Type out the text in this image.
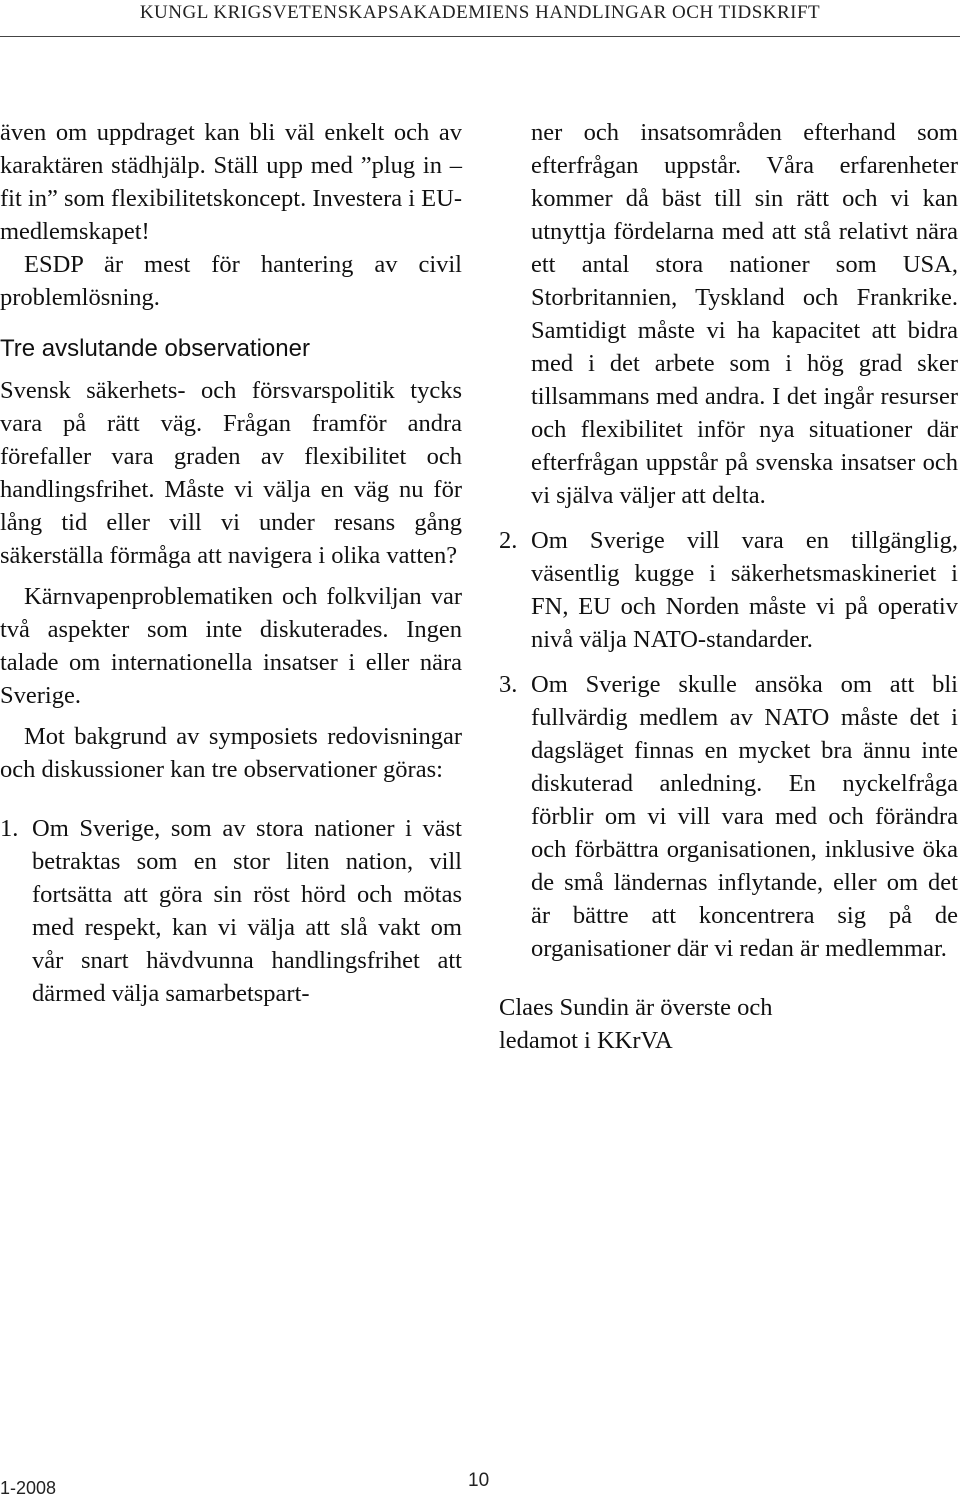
KUNGL KRIGSVETENSKAPSAKADEMIENS HANDLINGAR OCH TIDSKRIFT

även om uppdraget kan bli väl enkelt och av karaktären städhjälp. Ställ upp med ”plug in – fit in” som flexibilitetskoncept. Investera i EU-medlemskapet!

ESDP är mest för hantering av civil problemlösning.

Tre avslutande observationer

Svensk säkerhets- och försvarspolitik tycks vara på rätt väg. Frågan framför andra förefaller vara graden av flexibilitet och handlingsfrihet. Måste vi välja en väg nu för lång tid eller vill vi under resans gång säkerställa förmåga att navigera i olika vatten?

Kärnvapenproblematiken och folkviljan var två aspekter som inte diskuterades. Ingen talade om internationella insatser i eller nära Sverige.

Mot bakgrund av symposiets redovisningar och diskussioner kan tre observationer göras:

1. Om Sverige, som av stora nationer i väst betraktas som en stor liten nation, vill fortsätta att göra sin röst hörd och mötas med respekt, kan vi välja att slå vakt om vår snart hävdvunna handlingsfrihet att därmed välja samarbetspart-
ner och insatsområden efterhand som efterfrågan uppstår. Våra erfarenheter kommer då bäst till sin rätt och vi kan utnyttja fördelarna med att stå relativt nära ett antal stora nationer som USA, Storbritannien, Tyskland och Frankrike. Samtidigt måste vi ha kapacitet att bidra med i det arbete som i hög grad sker tillsammans med andra. I det ingår resurser och flexibilitet inför nya situationer där efterfrågan uppstår på svenska insatser och vi själva väljer att delta.
2. Om Sverige vill vara en tillgänglig, väsentlig kugge i säkerhetsmaskineriet i FN, EU och Norden måste vi på operativ nivå välja NATO-standarder.
3. Om Sverige skulle ansöka om att bli fullvärdig medlem av NATO måste det i dagsläget finnas en mycket bra ännu inte diskuterad anledning. En nyckelfråga förblir om vi vill vara med och förändra och förbättra organisationen, inklusive öka de små ländernas inflytande, eller om det är bättre att koncentrera sig på de organisationer där vi redan är medlemmar.
Claes Sundin är överste och
ledamot i KKrVA
1-2008	10
